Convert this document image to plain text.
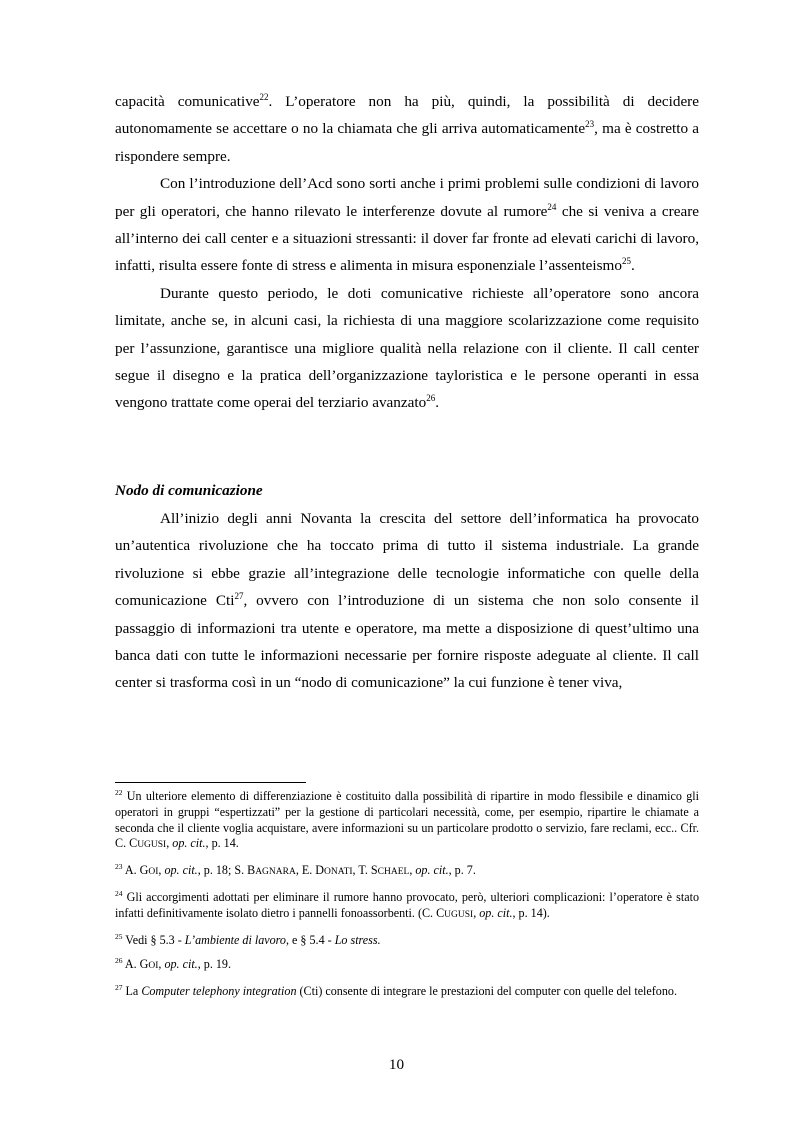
capacità comunicative$^{22}$. L’operatore non ha più, quindi, la possibilità di decidere autonomamente se accettare o no la chiamata che gli arriva automaticamente$^{23}$, ma è costretto a rispondere sempre.

Con l’introduzione dell’Acd sono sorti anche i primi problemi sulle condizioni di lavoro per gli operatori, che hanno rilevato le interferenze dovute al rumore$^{24}$ che si veniva a creare all’interno dei call center e a situazioni stressanti: il dover far fronte ad elevati carichi di lavoro, infatti, risulta essere fonte di stress e alimenta in misura esponenziale l’assenteismo$^{25}$.

Durante questo periodo, le doti comunicative richieste all’operatore sono ancora limitate, anche se, in alcuni casi, la richiesta di una maggiore scolarizzazione come requisito per l’assunzione, garantisce una migliore qualità nella relazione con il cliente. Il call center segue il disegno e la pratica dell’organizzazione tayloristica e le persone operanti in essa vengono trattate come operai del terziario avanzato$^{26}$.

Nodo di comunicazione

All’inizio degli anni Novanta la crescita del settore dell’informatica ha provocato un’autentica rivoluzione che ha toccato prima di tutto il sistema industriale. La grande rivoluzione si ebbe grazie all’integrazione delle tecnologie informatiche con quelle della comunicazione Cti$^{27}$, ovvero con l’introduzione di un sistema che non solo consente il passaggio di informazioni tra utente e operatore, ma mette a disposizione di quest’ultimo una banca dati con tutte le informazioni necessarie per fornire risposte adeguate al cliente. Il call center si trasforma così in un “nodo di comunicazione” la cui funzione è tener viva,

$^{22}$ Un ulteriore elemento di differenziazione è costituito dalla possibilità di ripartire in modo flessibile e dinamico gli operatori in gruppi “espertizzati” per la gestione di particolari necessità, come, per esempio, ripartire le chiamate a seconda che il cliente voglia acquistare, avere informazioni su un particolare prodotto o servizio, fare reclami, ecc.. Cfr. C. CUGUSI, op. cit., p. 14.

$^{23}$ A. GOI, op. cit., p. 18; S. BAGNARA, E. DONATI, T. SCHAEL, op. cit., p. 7.

$^{24}$ Gli accorgimenti adottati per eliminare il rumore hanno provocato, però, ulteriori complicazioni: l’operatore è stato infatti definitivamente isolato dietro i pannelli fonoassorbenti. (C. CUGUSI, op. cit., p. 14).

$^{25}$ Vedi § 5.3 - L’ambiente di lavoro, e § 5.4 - Lo stress.

$^{26}$ A. GOI, op. cit., p. 19.

$^{27}$ La Computer telephony integration (Cti) consente di integrare le prestazioni del computer con quelle del telefono.

10
